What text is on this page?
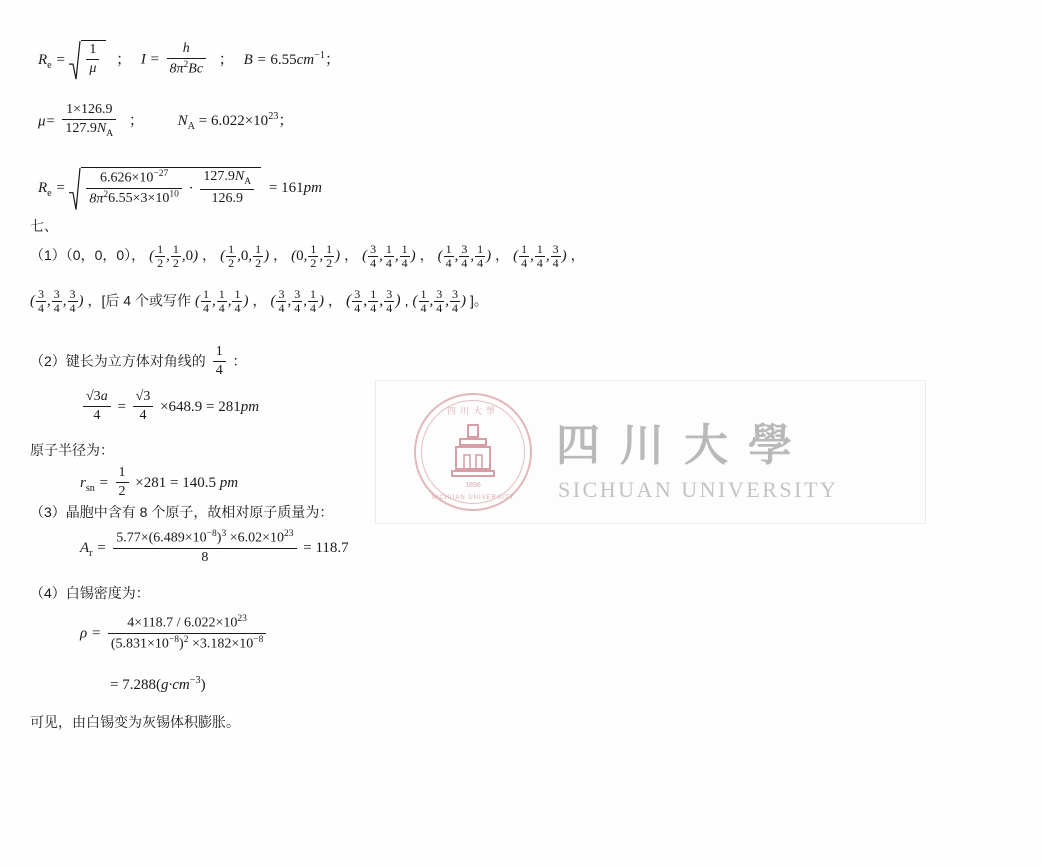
$R_e = \frac{1}{\mu}$ ； $I = \frac{h}{8\pi^2Bc}$ ； $B = 6.55cm^{-1}$；
$\mu= \frac{1\times 126.9}{127.9N_A}$ ； $N_A = 6.022\times 10^{23}$；
$R_e = \frac{6.626\times 10^{-27}}{8\pi^26.55\times 3\times 10^{10}} \cdot \frac{127.9N_A}{126.9} = 161pm$
七、
（1）（0，0，0）， ( $\frac{1}{2}$ , $\frac{1}{2} ,0$) ， ( $\frac{1}{2} ,0$, $\frac{1}{2}$ ) ， (0, $\frac{1}{2}$ , $\frac{1}{2}$ ) ， ( $\frac{3}{4}$ , $\frac{1}{4}$ , $\frac{1}{4}$ ) ， ( $\frac{1}{4}$ , $\frac{3}{4}$ , $\frac{1}{4}$ ) ， ( $\frac{1}{4}$ , $\frac{1}{4}$ , $\frac{3}{4}$ ) ，
( $\frac{3}{4}$ , $\frac{3}{4}$ , $\frac{3}{4}$ ) ，[后 4 个或写作 ( $\frac{1}{4}$ , $\frac{1}{4}$ , $\frac{1}{4}$ ) ， ( $\frac{3}{4}$ , $\frac{3}{4}$ , $\frac{1}{4}$ ) ， ( $\frac{3}{4}$ , $\frac{1}{4}$ , $\frac{3}{4}$ ) , ( $\frac{1}{4}$ , $\frac{3}{4}$ , $\frac{3}{4}$ ) ]。
（2）键长为立方体对角线的 $\frac{1}{4}$ ：
$\frac{√3a}{4} = \frac{√3}{4} \times 648.9 = 281pm$
原子半径为：
$r_{sn} = \frac{1}{2} \times 281 = 140.5$ pm
（3）晶胞中含有 8 个原子，故相对原子质量为：
$A_r = \frac{5.77\times(6.489\times 10^{-8})^3 \times 6.02\times 10^{23}}{8} = 118.7$
（4）白锡密度为：
$\rho = \frac{4\times 118.7 / 6.022\times 10^{23}}{(5.831\times 10^{-8})^2 \times 3.182\times 10^{-8}}$
= $7.288(g\cdot cm^{-3})$
可见，由白锡变为灰锡体积膨胀。
四川大學
1896
SICHUAN UNIVERSITY
四川大學
SICHUAN UNIVERSITY
